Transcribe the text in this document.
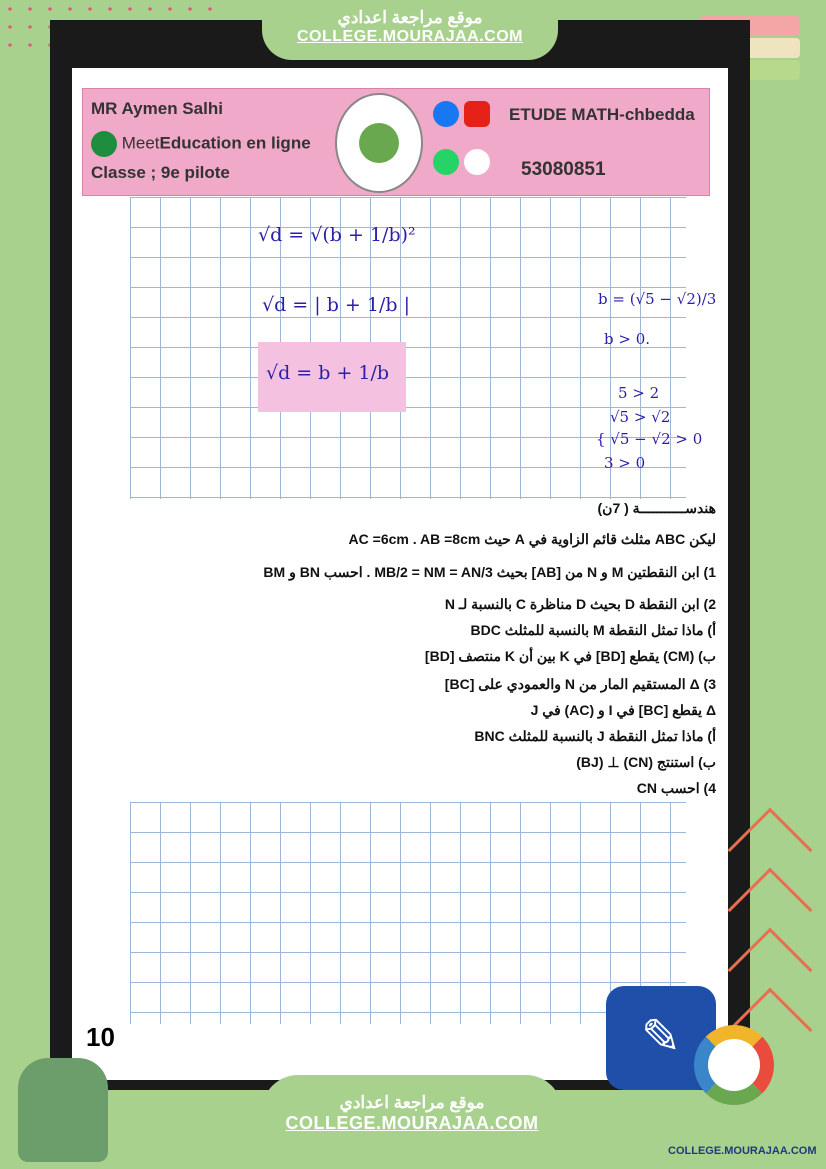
موقع مراجعة اعدادي
COLLEGE.MOURAJAA.COM
MR Aymen Salhi
MeetEducation en ligne
Classe ; 9e pilote

ETUDE MATH-chbedda

53080851
√d = √(b + 1/b)²
√d = | b + 1/b |
√d = b + 1/b
b = (√5 − √2)/3
b > 0.
5 > 2
√5 > √2
{ √5 − √2 > 0
3 > 0
هندســـــــــــة ( 7ن)
ليكن ABC مثلث قائم الزاوية في A حيث AC =6cm . AB =8cm
1) ابن النقطتين M و N من [AB] بحيث MB/2 = NM = AN/3 . احسب BN و BM
2) ابن النقطة D بحيث D مناظرة C بالنسبة لـ N
أ) ماذا تمثل النقطة M بالنسبة للمثلث BDC
ب) (CM) يقطع [BD] في K بين أن K منتصف [BD]
3) Δ المستقيم المار من N والعمودي على [BC]
Δ يقطع [BC] في I و (AC) في J
أ) ماذا تمثل النقطة J بالنسبة للمثلث BNC
ب) استنتج (CN) ⊥ (BJ)
4) احسب CN
10	✎
COLLEGE.MOURAJAA.COM
موقع مراجعة اعدادي
COLLEGE.MOURAJAA.COM
